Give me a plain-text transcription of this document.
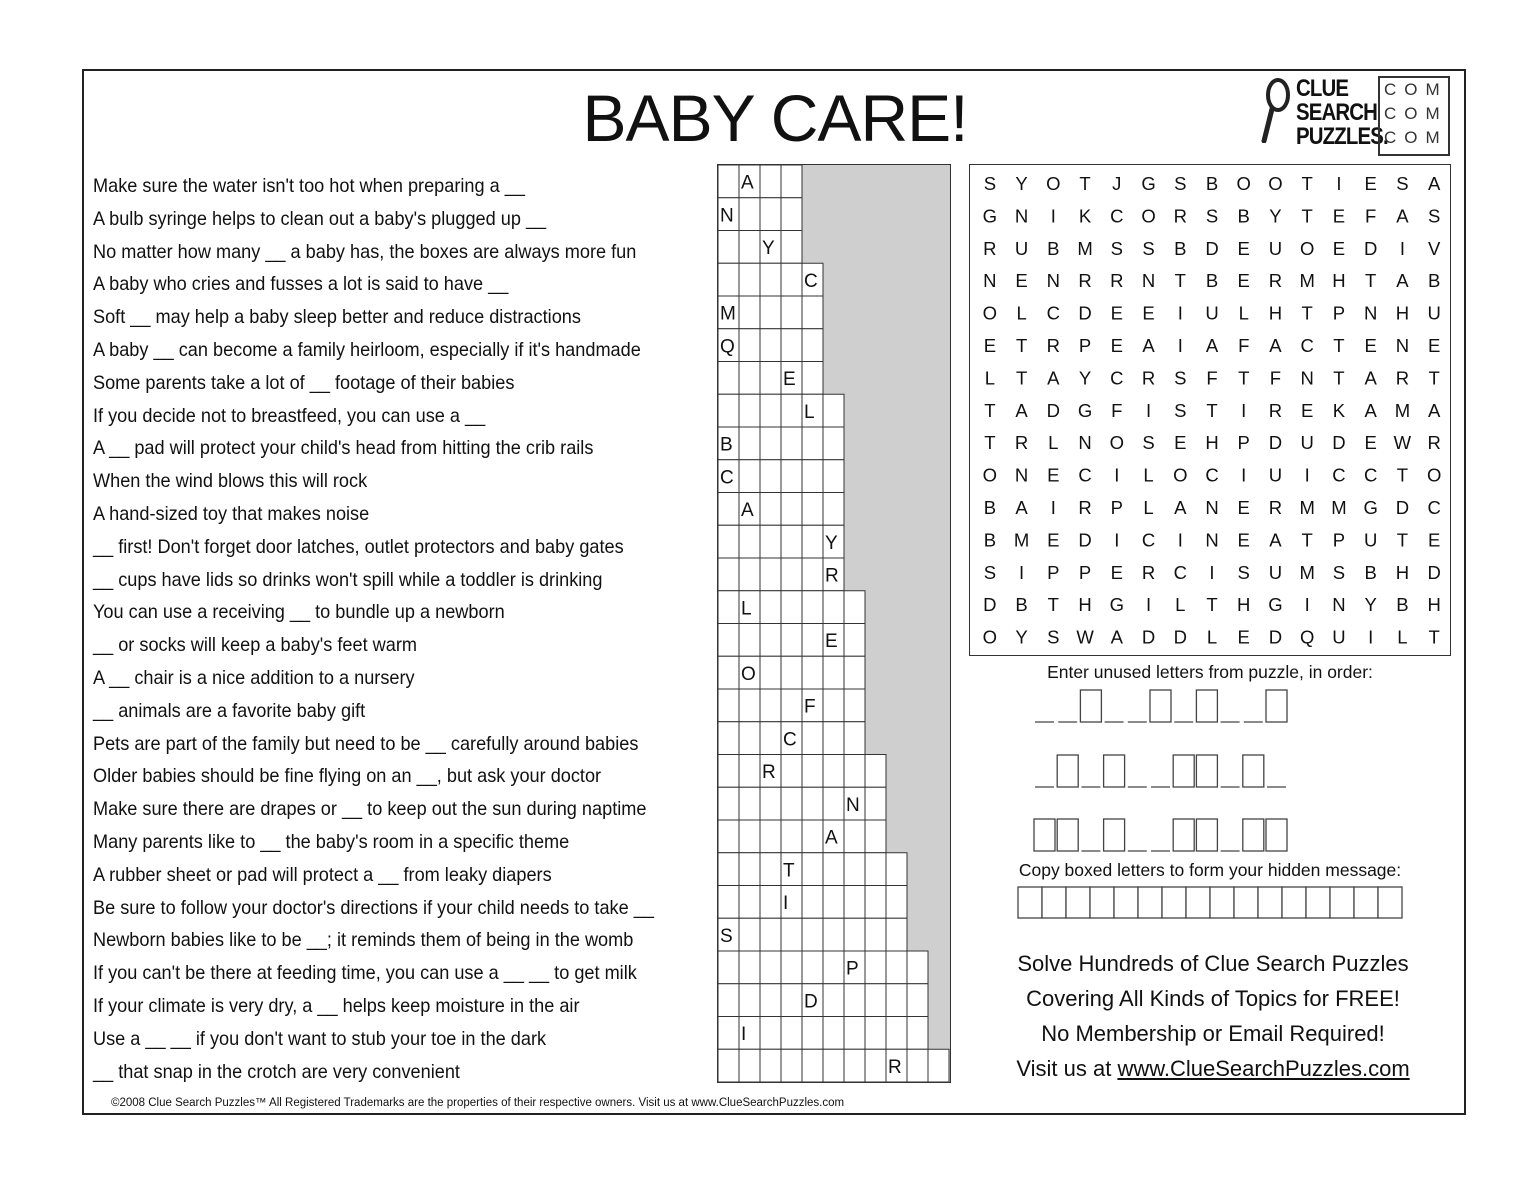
BABY CARE!	CLUE
SEARCH
PUZZLES.
COM
COM
COM
Make sure the water isn't too hot when preparing a __
A bulb syringe helps to clean out a baby's plugged up __
No matter how many __ a baby has, the boxes are always more fun
A baby who cries and fusses a lot is said to have __
Soft __ may help a baby sleep better and reduce distractions
A baby __ can become a family heirloom, especially if it's handmade
Some parents take a lot of __ footage of their babies
If you decide not to breastfeed, you can use a __
A __ pad will protect your child's head from hitting the crib rails
When the wind blows this will rock
A hand-sized toy that makes noise
__ first! Don't forget door latches, outlet protectors and baby gates
__ cups have lids so drinks won't spill while a toddler is drinking
You can use a receiving __ to bundle up a newborn
__ or socks will keep a baby's feet warm
A __ chair is a nice addition to a nursery
__ animals are a favorite baby gift
Pets are part of the family but need to be __ carefully around babies
Older babies should be fine flying on an __, but ask your doctor
Make sure there are drapes or __ to keep out the sun during naptime
Many parents like to __ the baby's room in a specific theme
A rubber sheet or pad will protect a __ from leaky diapers
Be sure to follow your doctor's directions if your child needs to take __
Newborn babies like to be __; it reminds them of being in the womb
If you can't be there at feeding time, you can use a __ __ to get milk
If your climate is very dry, a __ helps keep moisture in the air
Use a __ __ if you don't want to stub your toe in the dark
__ that snap in the crotch are very convenient
A
N
Y
C
M
Q
E
L
B
C
A
Y
R
L
E
O
F
C
R
N
A
T
I
S
P
D
I
R
S Y O T J G S B O O T I E S A
G N I K C O R S B Y T E F A S
R U B M S S B D E U O E D I V
N E N R R N T B E R M H T A B
O L C D E E I U L H T P N H U
E T R P E A I A F A C T E N E
L T A Y C R S F T F N T A R T
T A D G F I S T I R E K A M A
T R L N O S E H P D U D E W R
O N E C I L O C I U I C C T O
B A I R P L A N E R M M G D C
B M E D I C I N E A T P U T E
S I P P E R C I S U M S B H D
D B T H G I L T H G I N Y B H
O Y S W A D D L E D Q U I L T
Enter unused letters from puzzle, in order:
Copy boxed letters to form your hidden message:
Solve Hundreds of Clue Search Puzzles
Covering All Kinds of Topics for FREE!
No Membership or Email Required!
Visit us at www.ClueSearchPuzzles.com
©2008 Clue Search Puzzles™ All Registered Trademarks are the properties of their respective owners. Visit us at www.ClueSearchPuzzles.com
